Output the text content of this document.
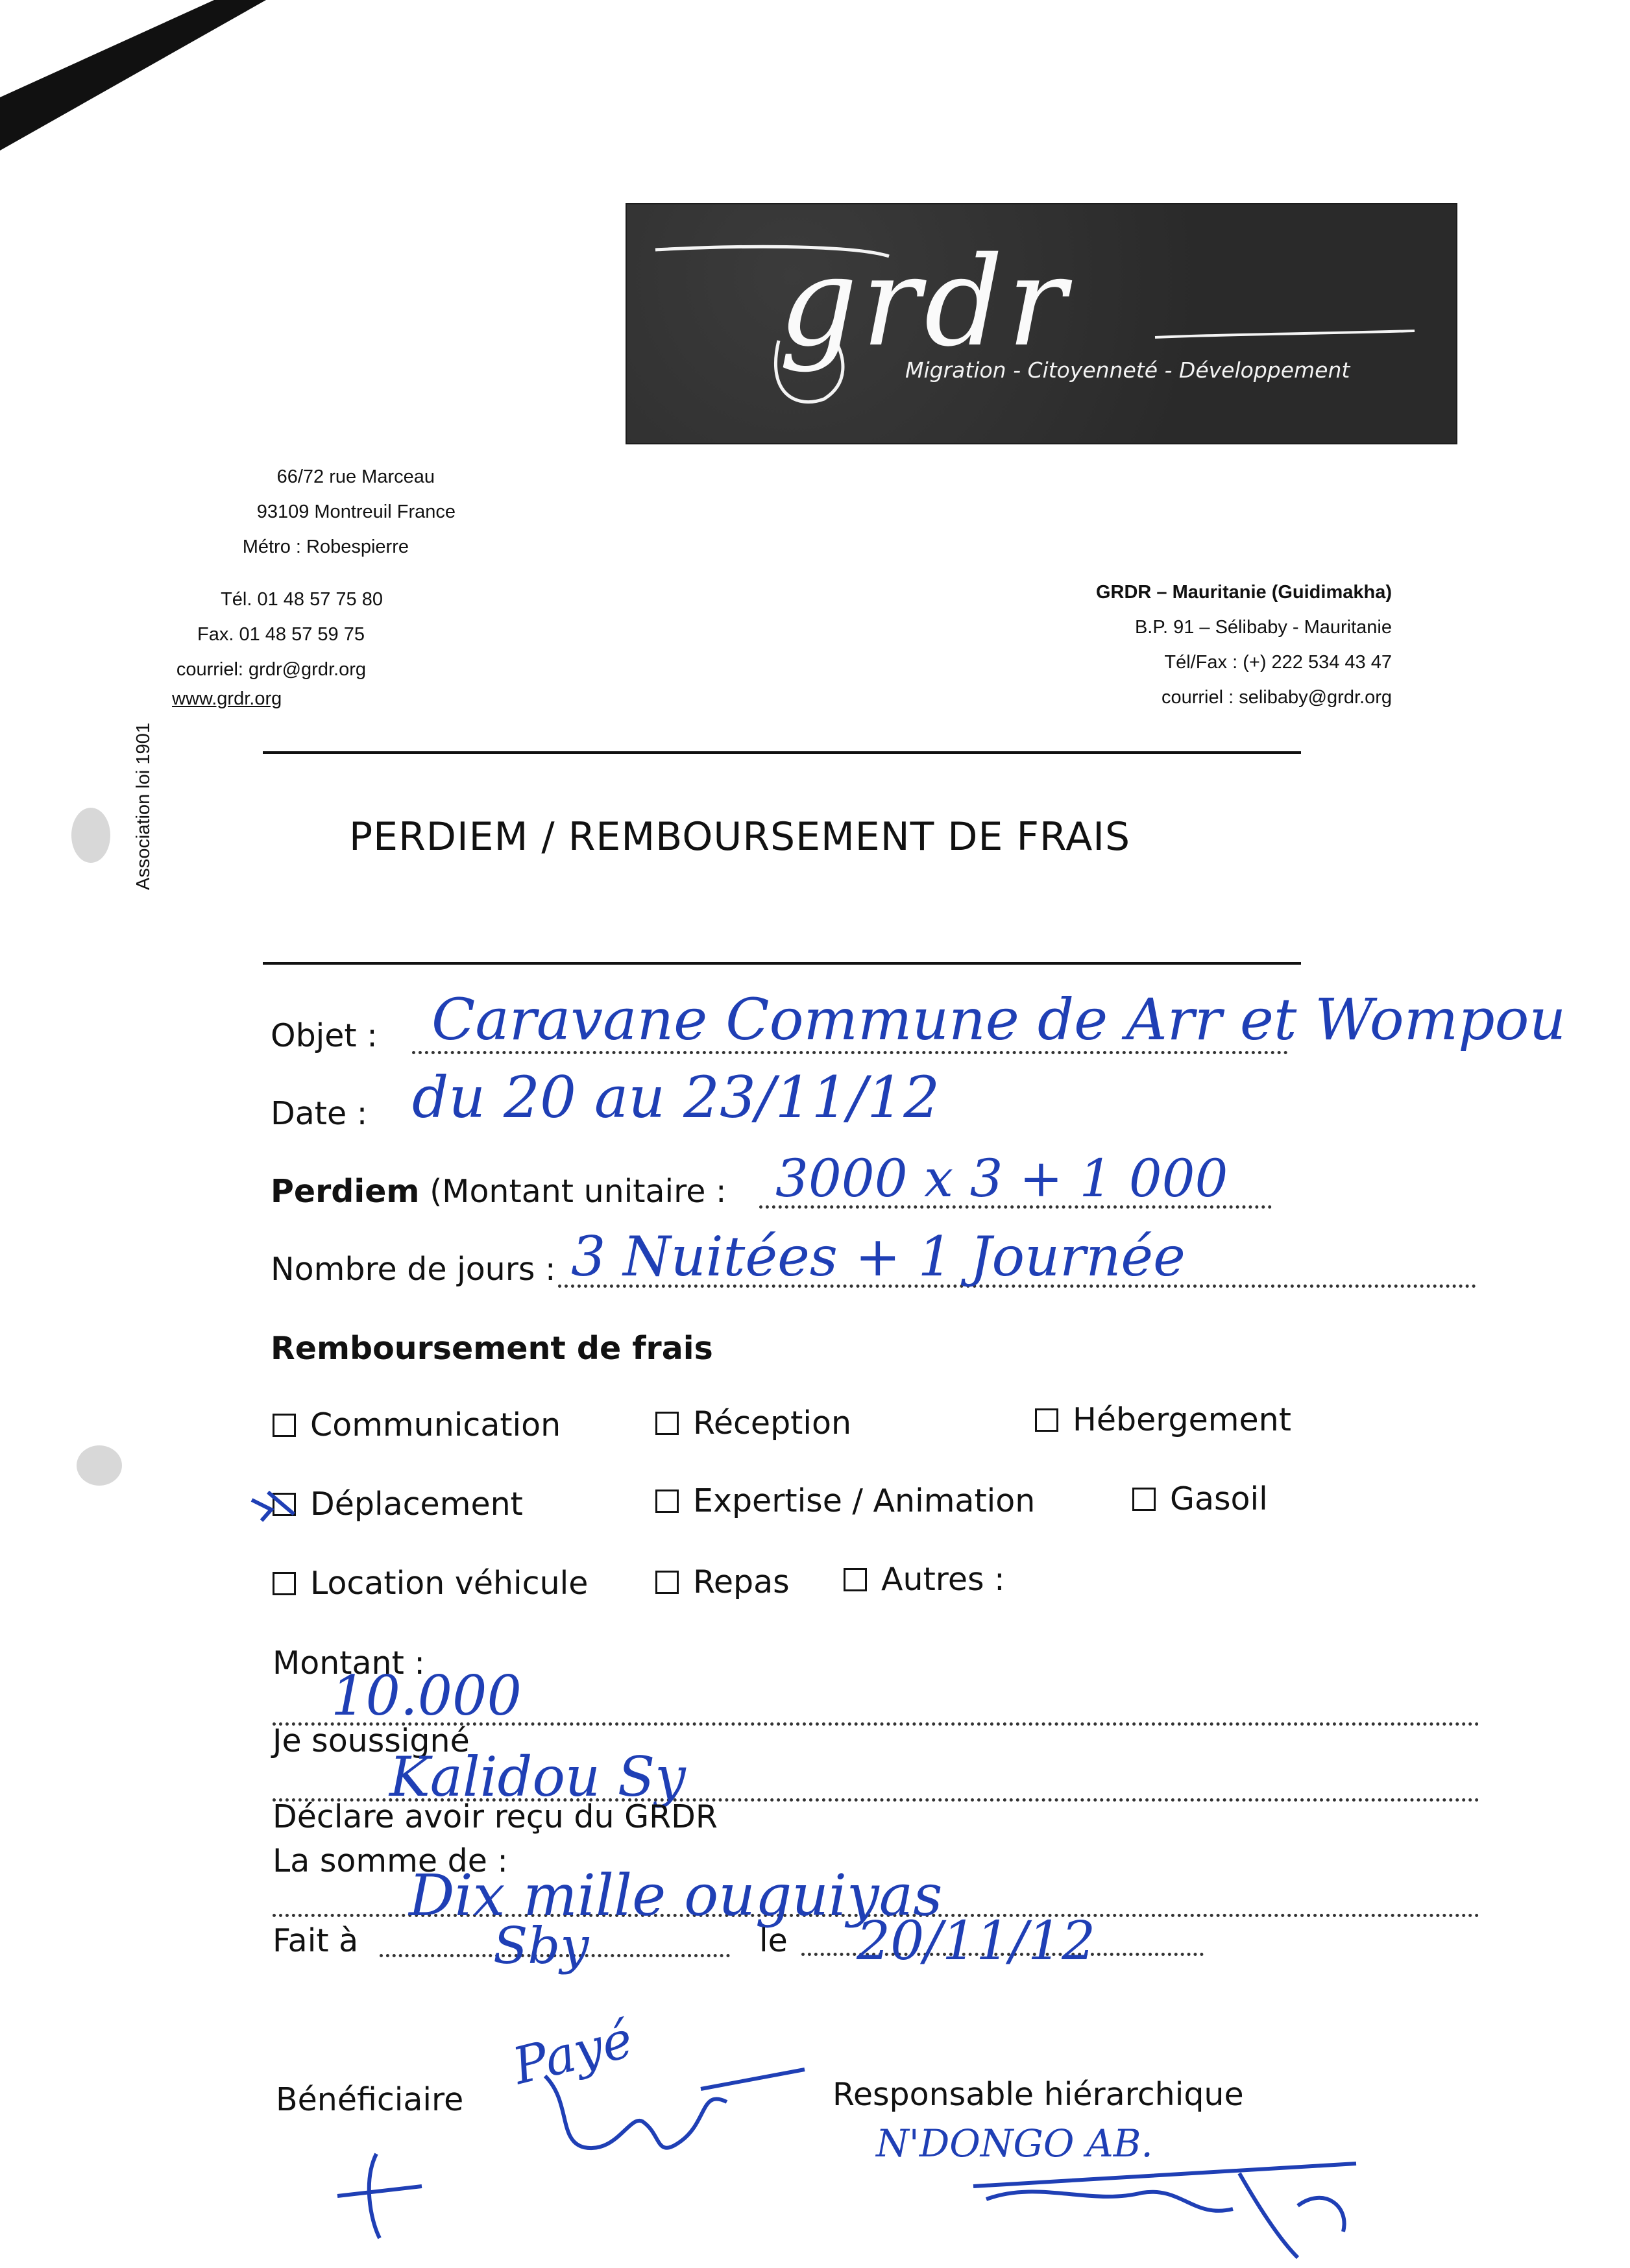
grdr
Migration - Citoyenneté - Développement
66/72 rue Marceau
93109 Montreuil France
Métro : Robespierre
Tél. 01 48 57 75 80
Fax. 01 48 57 59 75
courriel: grdr@grdr.org
www.grdr.org
GRDR – Mauritanie (Guidimakha)
B.P. 91 – Sélibaby - Mauritanie
Tél/Fax : (+) 222 534 43 47
courriel : selibaby@grdr.org
Association loi 1901	PERDIEM / REMBOURSEMENT DE FRAIS
Objet : Caravane Commune de Arr et Wompou
Date : du 20 au 23/11/12
Perdiem (Montant unitaire : 3000 x 3 + 1 000
Nombre de jours : 3 Nuitées + 1 Journée
Remboursement de frais
Communication	Réception	Hébergement
Déplacement	Expertise / Animation	Gasoil
Location véhicule	Repas	Autres :
Montant :
10.000
Je soussigné
Kalidou Sy
Déclare avoir reçu du GRDR
La somme de :
Dix mille ouguiyas
Fait à	Sby	le 20/11/12
Bénéficiaire	Responsable hiérarchique
Payé
N'DONGO AB.
